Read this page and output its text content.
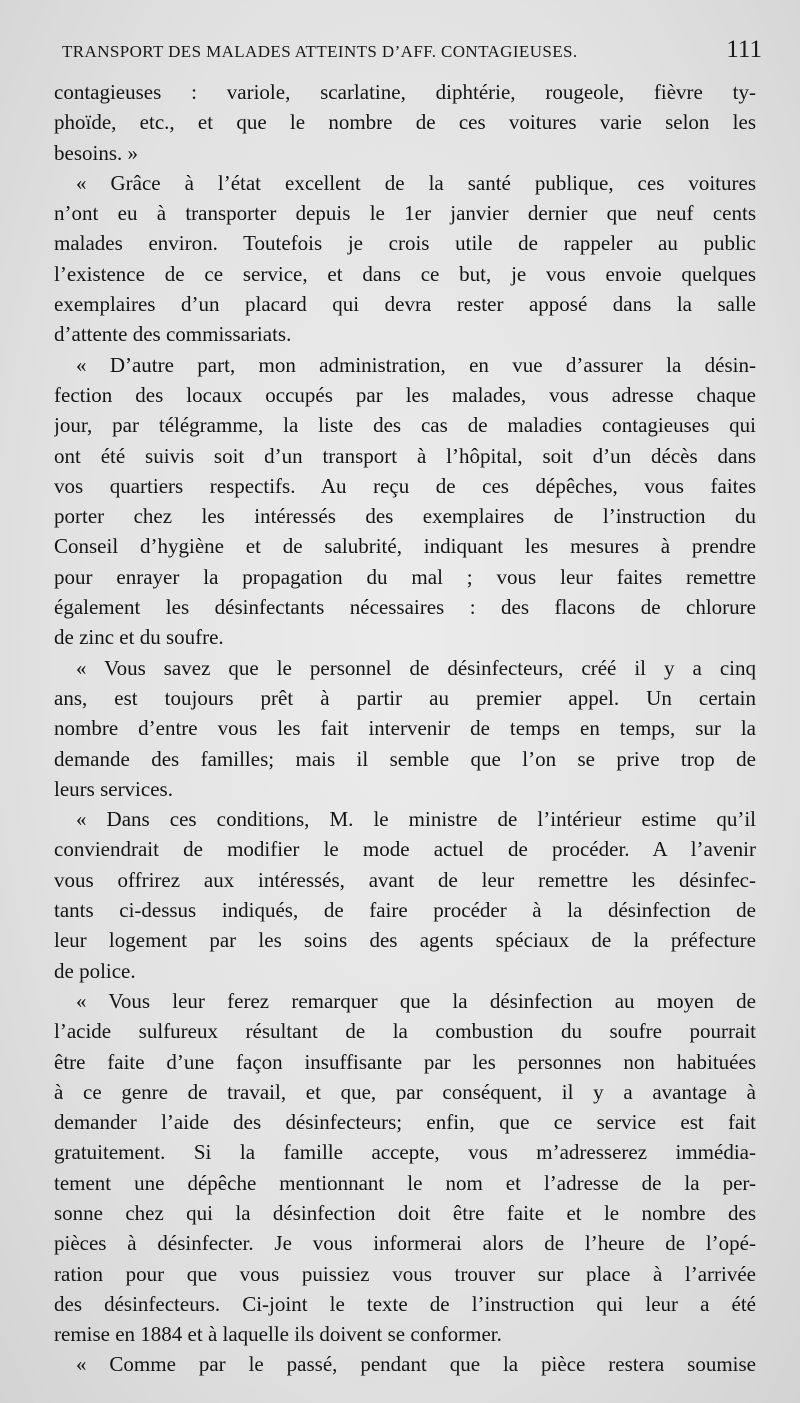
TRANSPORT DES MALADES ATTEINTS D’AFF. CONTAGIEUSES.	111
contagieuses : variole, scarlatine, diphtérie, rougeole, fièvre ty-
phoïde, etc., et que le nombre de ces voitures varie selon les
besoins. »
« Grâce à l’état excellent de la santé publique, ces voitures
n’ont eu à transporter depuis le 1er janvier dernier que neuf cents
malades environ. Toutefois je crois utile de rappeler au public
l’existence de ce service, et dans ce but, je vous envoie quelques
exemplaires d’un placard qui devra rester apposé dans la salle
d’attente des commissariats.
« D’autre part, mon administration, en vue d’assurer la désin-
fection des locaux occupés par les malades, vous adresse chaque
jour, par télégramme, la liste des cas de maladies contagieuses qui
ont été suivis soit d’un transport à l’hôpital, soit d’un décès dans
vos quartiers respectifs. Au reçu de ces dépêches, vous faites
porter chez les intéressés des exemplaires de l’instruction du
Conseil d’hygiène et de salubrité, indiquant les mesures à prendre
pour enrayer la propagation du mal ; vous leur faites remettre
également les désinfectants nécessaires : des flacons de chlorure
de zinc et du soufre.
« Vous savez que le personnel de désinfecteurs, créé il y a cinq
ans, est toujours prêt à partir au premier appel. Un certain
nombre d’entre vous les fait intervenir de temps en temps, sur la
demande des familles; mais il semble que l’on se prive trop de
leurs services.
« Dans ces conditions, M. le ministre de l’intérieur estime qu’il
conviendrait de modifier le mode actuel de procéder. A l’avenir
vous offrirez aux intéressés, avant de leur remettre les désinfec-
tants ci-dessus indiqués, de faire procéder à la désinfection de
leur logement par les soins des agents spéciaux de la préfecture
de police.
« Vous leur ferez remarquer que la désinfection au moyen de
l’acide sulfureux résultant de la combustion du soufre pourrait
être faite d’une façon insuffisante par les personnes non habituées
à ce genre de travail, et que, par conséquent, il y a avantage à
demander l’aide des désinfecteurs; enfin, que ce service est fait
gratuitement. Si la famille accepte, vous m’adresserez immédia-
tement une dépêche mentionnant le nom et l’adresse de la per-
sonne chez qui la désinfection doit être faite et le nombre des
pièces à désinfecter. Je vous informerai alors de l’heure de l’opé-
ration pour que vous puissiez vous trouver sur place à l’arrivée
des désinfecteurs. Ci-joint le texte de l’instruction qui leur a été
remise en 1884 et à laquelle ils doivent se conformer.
« Comme par le passé, pendant que la pièce restera soumise
